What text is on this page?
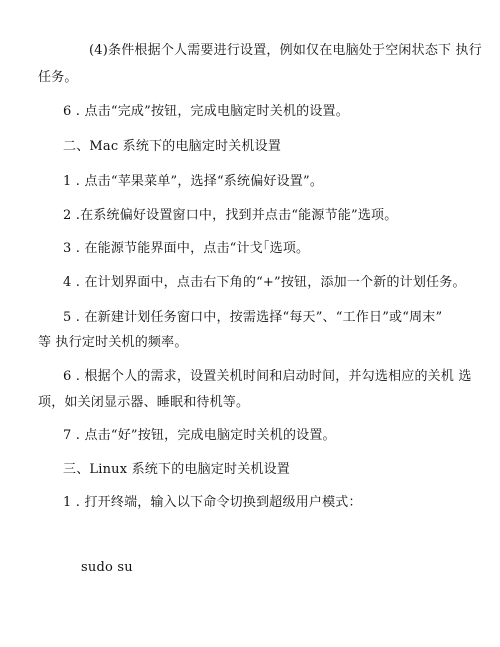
(4)条件根据个人需要进行设置，例如仅在电脑处于空闲状态下 执行
任务。
6 . 点击“完成”按钮，完成电脑定时关机的设置。
二、Mac 系统下的电脑定时关机设置
1 . 点击“苹果菜单”，选择“系统偏好设置”。
2 .在系统偏好设置窗口中，找到并点击“能源节能”选项。
3 . 在能源节能界面中，点击“计戈｢选项。
4 . 在计划界面中，点击右下角的“+”按钮，添加一个新的计划任务。
5 . 在新建计划任务窗口中，按需选择“每天”、“工作日”或“周末”
等 执行定时关机的频率。
6 . 根据个人的需求，设置关机时间和启动时间，并勾选相应的关机 选
项，如关闭显示器、睡眠和待机等。
7 . 点击“好”按钮，完成电脑定时关机的设置。
三、Linux 系统下的电脑定时关机设置
1 . 打开终端，输入以下命令切换到超级用户模式：
sudo su
